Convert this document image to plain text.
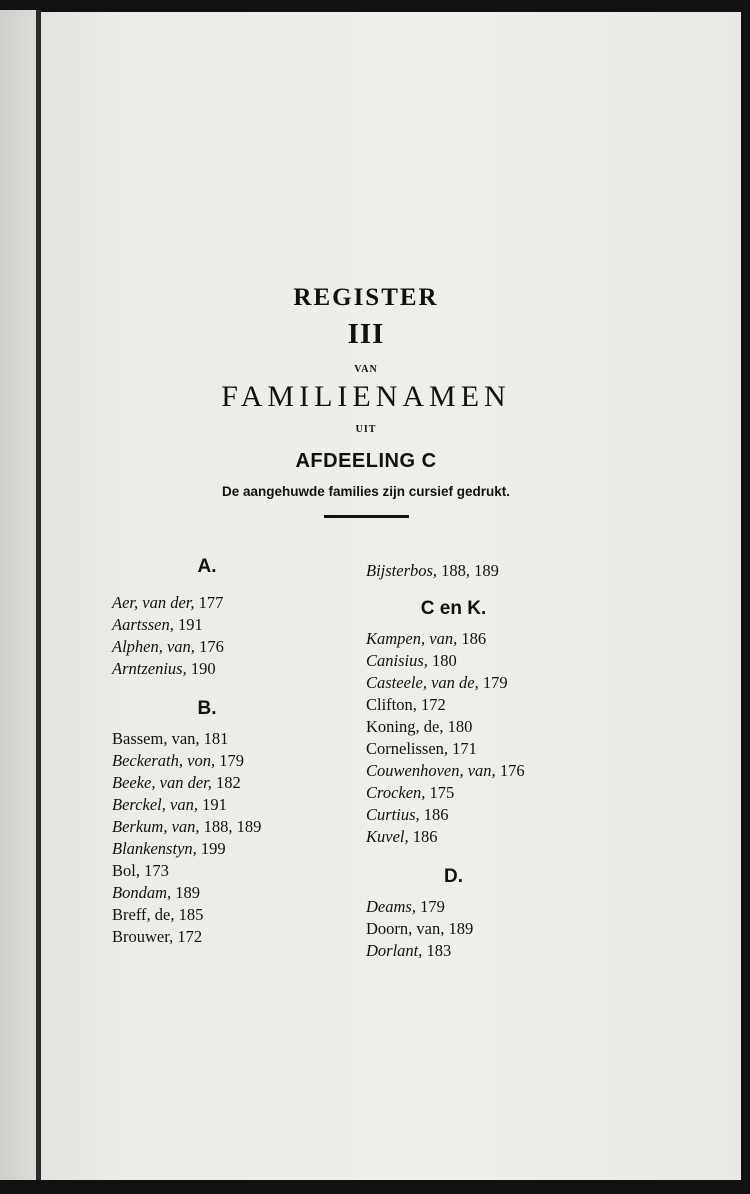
REGISTER
III
VAN
FAMILIENAMEN
UIT
AFDEELING C
De aangehuwde families zijn cursief gedrukt.
A.
Aer, van der, 177
Aartssen, 191
Alphen, van, 176
Arntzenius, 190
B.
Bassem, van, 181
Beckerath, von, 179
Beeke, van der, 182
Berckel, van, 191
Berkum, van, 188, 189
Blankenstyn, 199
Bol, 173
Bondam, 189
Breff, de, 185
Brouwer, 172
Bijsterbos, 188, 189
C en K.
Kampen, van, 186
Canisius, 180
Casteele, van de, 179
Clifton, 172
Koning, de, 180
Cornelissen, 171
Couwenhoven, van, 176
Crocken, 175
Curtius, 186
Kuvel, 186
D.
Deams, 179
Doorn, van, 189
Dorlant, 183
